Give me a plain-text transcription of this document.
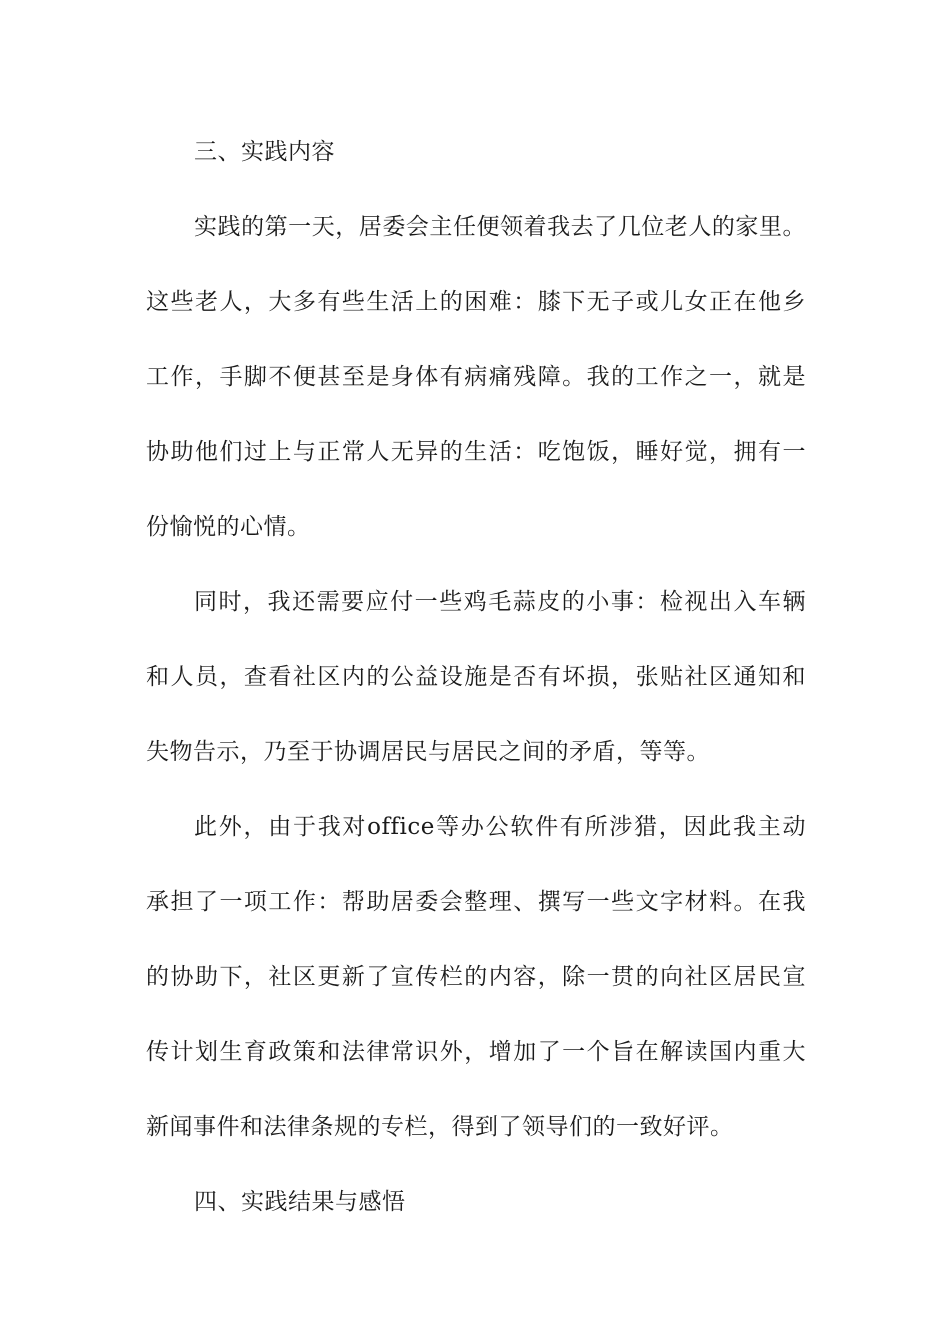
三、实践内容
实践的第一天，居委会主任便领着我去了几位老人的家里。
这些老人，大多有些生活上的困难：膝下无子或儿女正在他乡
工作，手脚不便甚至是身体有病痛残障。我的工作之一，就是
协助他们过上与正常人无异的生活：吃饱饭，睡好觉，拥有一
份愉悦的心情。
同时，我还需要应付一些鸡毛蒜皮的小事：检视出入车辆
和人员，查看社区内的公益设施是否有坏损，张贴社区通知和
失物告示，乃至于协调居民与居民之间的矛盾，等等。
此外，由于我对office等办公软件有所涉猎，因此我主动
承担了一项工作：帮助居委会整理、撰写一些文字材料。在我
的协助下，社区更新了宣传栏的内容，除一贯的向社区居民宣
传计划生育政策和法律常识外，增加了一个旨在解读国内重大
新闻事件和法律条规的专栏，得到了领导们的一致好评。
四、实践结果与感悟
